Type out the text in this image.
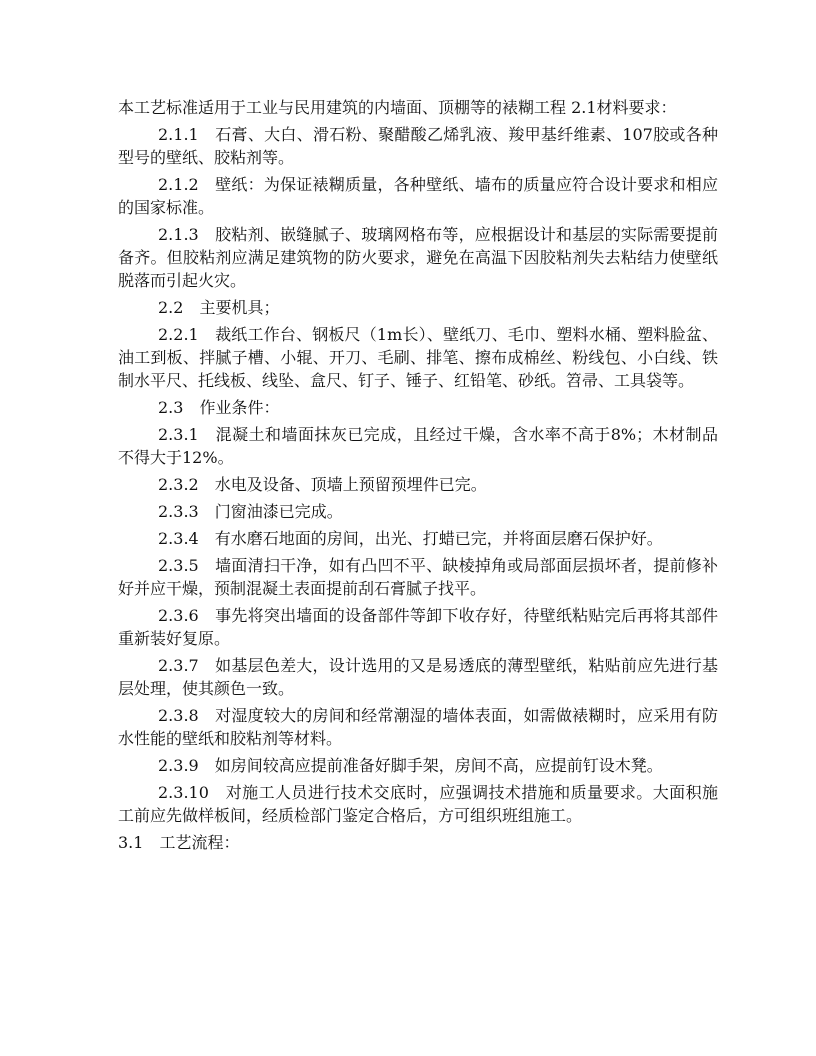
本工艺标准适用于工业与民用建筑的内墙面、顶棚等的裱糊工程 2.1材料要求：

2.1.1　石膏、大白、滑石粉、聚醋酸乙烯乳液、羧甲基纤维素、107胶或各种型号的壁纸、胶粘剂等。

2.1.2　壁纸：为保证裱糊质量，各种壁纸、墙布的质量应符合设计要求和相应的国家标准。

2.1.3　胶粘剂、嵌缝腻子、玻璃网格布等，应根据设计和基层的实际需要提前备齐。但胶粘剂应满足建筑物的防火要求，避免在高温下因胶粘剂失去粘结力使壁纸脱落而引起火灾。

2.2　主要机具；

2.2.1　裁纸工作台、钢板尺（1m长）、壁纸刀、毛巾、塑料水桶、塑料脸盆、油工到板、拌腻子槽、小辊、开刀、毛刷、排笔、擦布成棉丝、粉线包、小白线、铁制水平尺、托线板、线坠、盒尺、钉子、锤子、红铅笔、砂纸。笤帚、工具袋等。

2.3　作业条件：

2.3.1　混凝土和墙面抹灰已完成，且经过干燥，含水率不高于8%；木材制品不得大于12%。

2.3.2　水电及设备、顶墙上预留预埋件已完。

2.3.3　门窗油漆已完成。

2.3.4　有水磨石地面的房间，出光、打蜡已完，并将面层磨石保护好。

2.3.5　墙面清扫干净，如有凸凹不平、缺棱掉角或局部面层损坏者，提前修补好并应干燥，预制混凝土表面提前刮石膏腻子找平。

2.3.6　事先将突出墙面的设备部件等卸下收存好，待壁纸粘贴完后再将其部件重新装好复原。

2.3.7　如基层色差大，设计选用的又是易透底的薄型壁纸，粘贴前应先进行基层处理，使其颜色一致。

2.3.8　对湿度较大的房间和经常潮湿的墙体表面，如需做裱糊时，应采用有防水性能的壁纸和胶粘剂等材料。

2.3.9　如房间较高应提前准备好脚手架，房间不高，应提前钉设木凳。

2.3.10　对施工人员进行技术交底时，应强调技术措施和质量要求。大面积施工前应先做样板间，经质检部门鉴定合格后，方可组织班组施工。

3.1　工艺流程：
